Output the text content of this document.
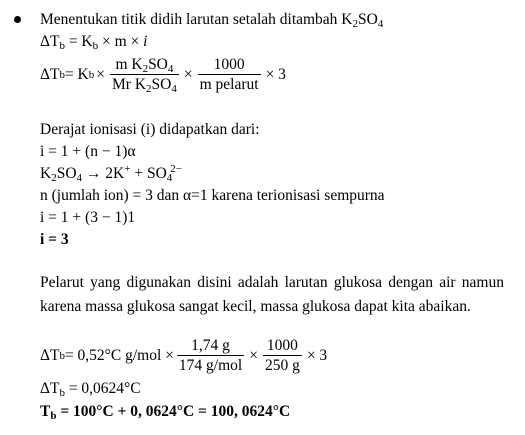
Menentukan titik didih larutan setalah ditambah K2SO4
$\Delta T_b = K_b \times m \times i$
ΔT b = K $b \times \frac{m K_2SO_4}{Mr K_2SO_4} \times \frac{1000}{\text{m pelarut}} \times 3$
Derajat ionisasi (i) didapatkan dari:
i = 1 + (n − 1)α
$K_2SO_4 \to 2K^+ + SO_4^{2-}$
n (jumlah ion) = 3 dan α=1 karena terionisasi sempurna
i = 1 + (3 − 1)1
i = 3
Pelarut yang digunakan disini adalah larutan glukosa dengan air namun karena massa glukosa sangat kecil, massa glukosa dapat kita abaikan.
ΔT b = 0,52°C $g/mol \times \frac{1,74 g}{\text{174 g/mol}} \times \frac{1000}{250 g} \times 3$
$\Delta T_b = 0,0624^\circ C$
$T_b = 100^\circ C + 0$, 0624°C = 100, 0624°C
